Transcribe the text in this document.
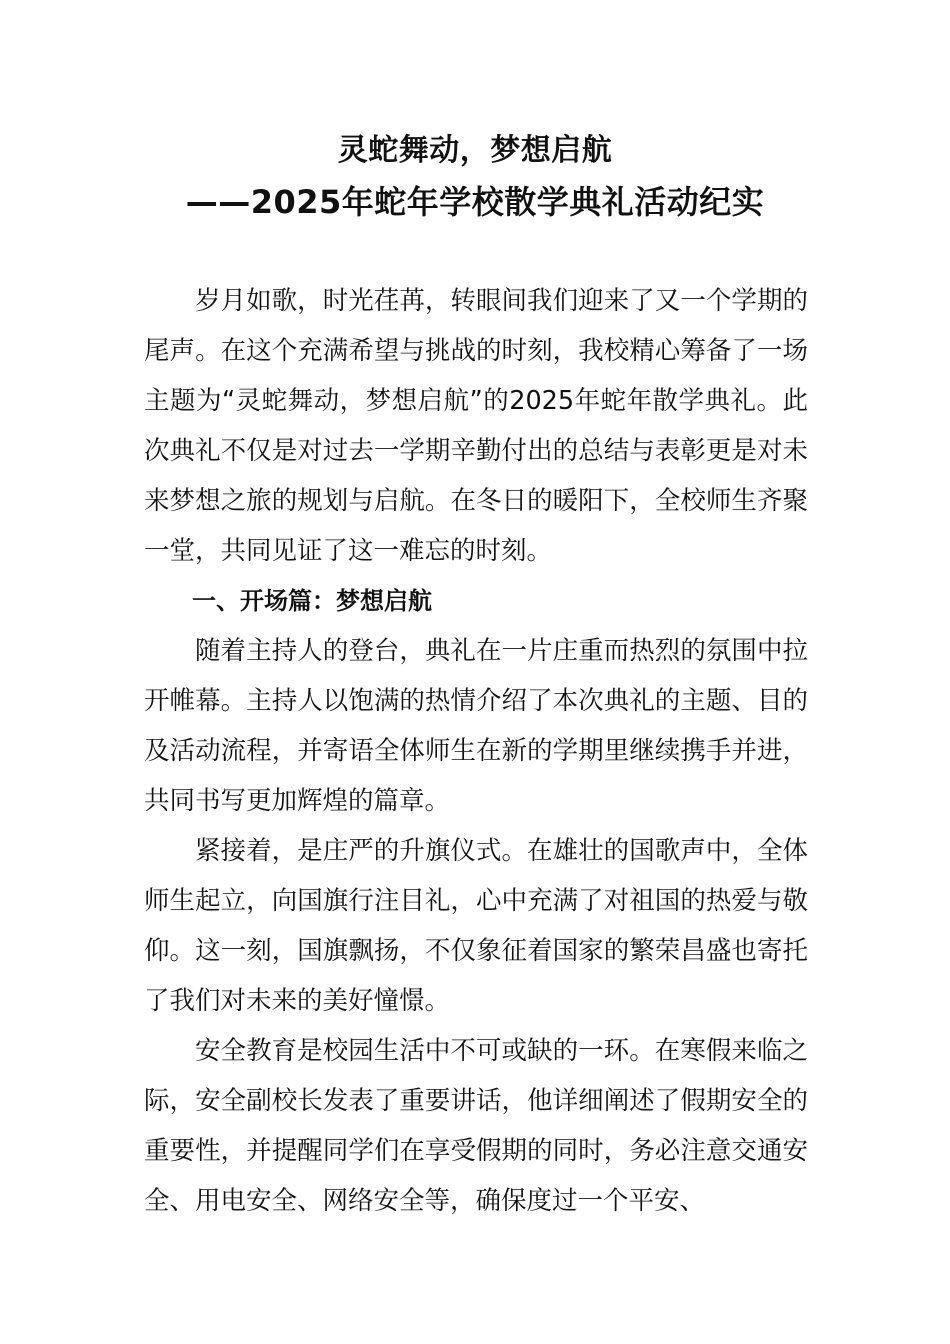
灵蛇舞动，梦想启航
——2025年蛇年学校散学典礼活动纪实

岁月如歌，时光荏苒，转眼间我们迎来了又一个学期的尾声。在这个充满希望与挑战的时刻，我校精心筹备了一场主题为“灵蛇舞动，梦想启航”的2025年蛇年散学典礼。此次典礼不仅是对过去一学期辛勤付出的总结与表彰更是对未来梦想之旅的规划与启航。在冬日的暖阳下，全校师生齐聚一堂，共同见证了这一难忘的时刻。

一、开场篇：梦想启航

随着主持人的登台，典礼在一片庄重而热烈的氛围中拉开帷幕。主持人以饱满的热情介绍了本次典礼的主题、目的及活动流程，并寄语全体师生在新的学期里继续携手并进，共同书写更加辉煌的篇章。

紧接着，是庄严的升旗仪式。在雄壮的国歌声中，全体师生起立，向国旗行注目礼，心中充满了对祖国的热爱与敬仰。这一刻，国旗飘扬，不仅象征着国家的繁荣昌盛也寄托了我们对未来的美好憧憬。

安全教育是校园生活中不可或缺的一环。在寒假来临之际，安全副校长发表了重要讲话，他详细阐述了假期安全的重要性，并提醒同学们在享受假期的同时，务必注意交通安全、用电安全、网络安全等，确保度过一个平安、
